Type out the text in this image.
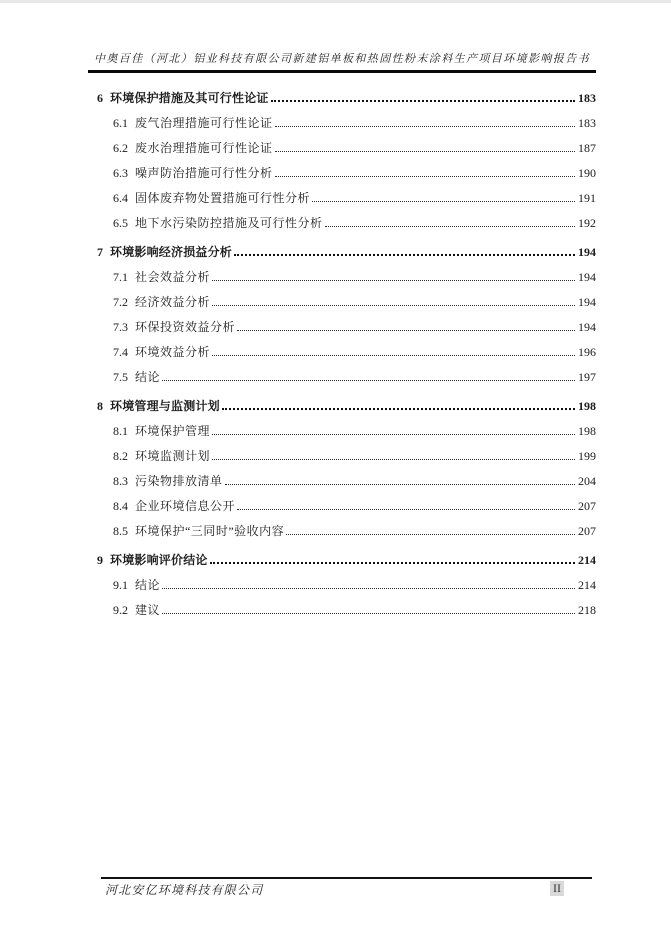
中奥百佳（河北）铝业科技有限公司新建铝单板和热固性粉末涂料生产项目环境影响报告书
6 环境保护措施及其可行性论证	183
6.1 废气治理措施可行性论证	183
6.2 废水治理措施可行性论证	187
6.3 噪声防治措施可行性分析	190
6.4 固体废弃物处置措施可行性分析	191
6.5 地下水污染防控措施及可行性分析	192
7 环境影响经济损益分析	194
7.1 社会效益分析	194
7.2 经济效益分析	194
7.3 环保投资效益分析	194
7.4 环境效益分析	196
7.5 结论	197
8 环境管理与监测计划	198
8.1 环境保护管理	198
8.2 环境监测计划	199
8.3 污染物排放清单	204
8.4 企业环境信息公开	207
8.5 环境保护“三同时”验收内容	207
9 环境影响评价结论	214
9.1 结论	214
9.2 建议	218
河北安亿环境科技有限公司	II
